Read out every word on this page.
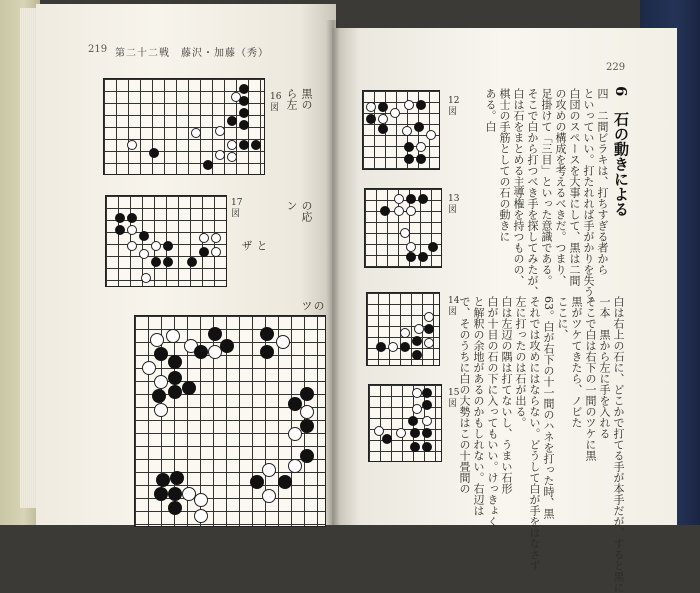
219 第二十二戦　藤沢・加藤（秀）
16図
17図
黒の
ら左
の応
ン
と
ザ
の
ツ
229
12図
13図
14図
15図
6　石の動きによる
四　二間ビラキは、打ちすぎる者から
といっていい。打たれれば手がかりを失う。
白団のスペースを大事にして、黒は二間
の攻めの構成を考えるべきだ。つまり、
足掛けて「三目」といった意識である。
そこで白から打つべき手を探してみたが、
白は石をまとめる主導権を持つものの、
棋士の手筋としての石の動きに
ある。白
白は右上の石に、どこかで打てる手が本手だが、すると黒に
一本　黒から左に手を入れる
そこで白は右下の一間のツケに黒
黒がツケてきたら、ノビた
ここに、
63。白が右下の十一間のハネを打った時、黒
それでは攻めにはならない。どうして白が手をはなさず
左に打ったのは石が出る。
白は左辺の隅は打てないし、うまい石形
白が十目の石の下に入ってもいい。けっきょく
と解釈の余地があるのかもしれない。右辺は
で、そのうちに白の大勢はこの十畳間の
